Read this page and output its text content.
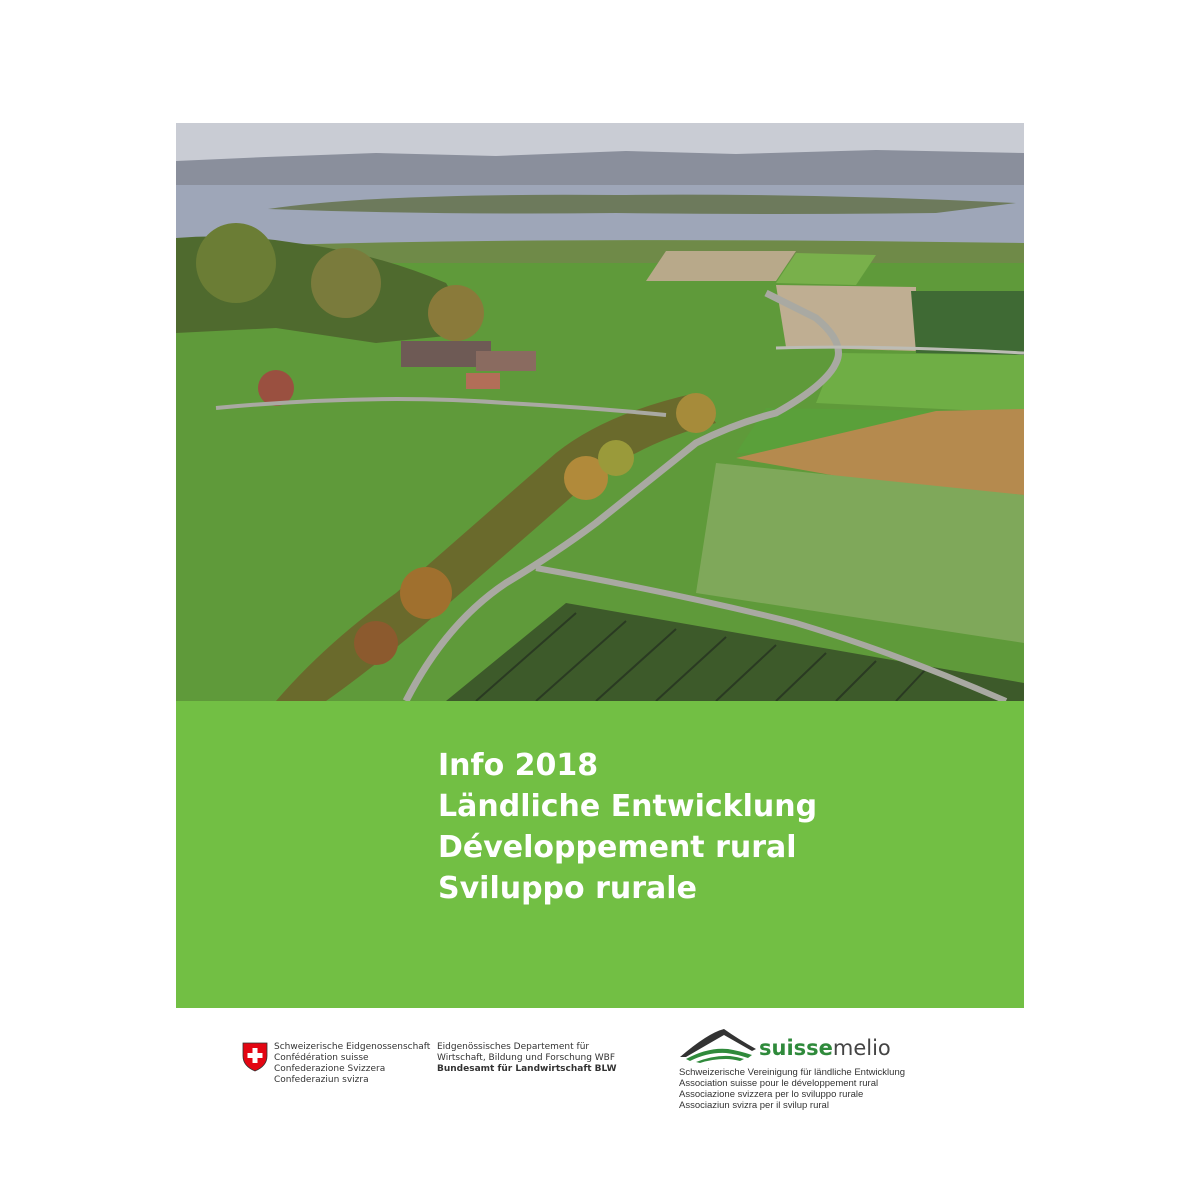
Info 2018
Ländliche Entwicklung
Développement rural
Sviluppo rurale
Schweizerische Eidgenossenschaft
Confédération suisse
Confederazione Svizzera
Confederaziun svizra
Eidgenössisches Departement für
Wirtschaft, Bildung und Forschung WBF
Bundesamt für Landwirtschaft BLW
suissemelio
Schweizerische Vereinigung für ländliche Entwicklung
Association suisse pour le développement rural
Associazione svizzera per lo sviluppo rurale
Associaziun svizra per il svilup rural
